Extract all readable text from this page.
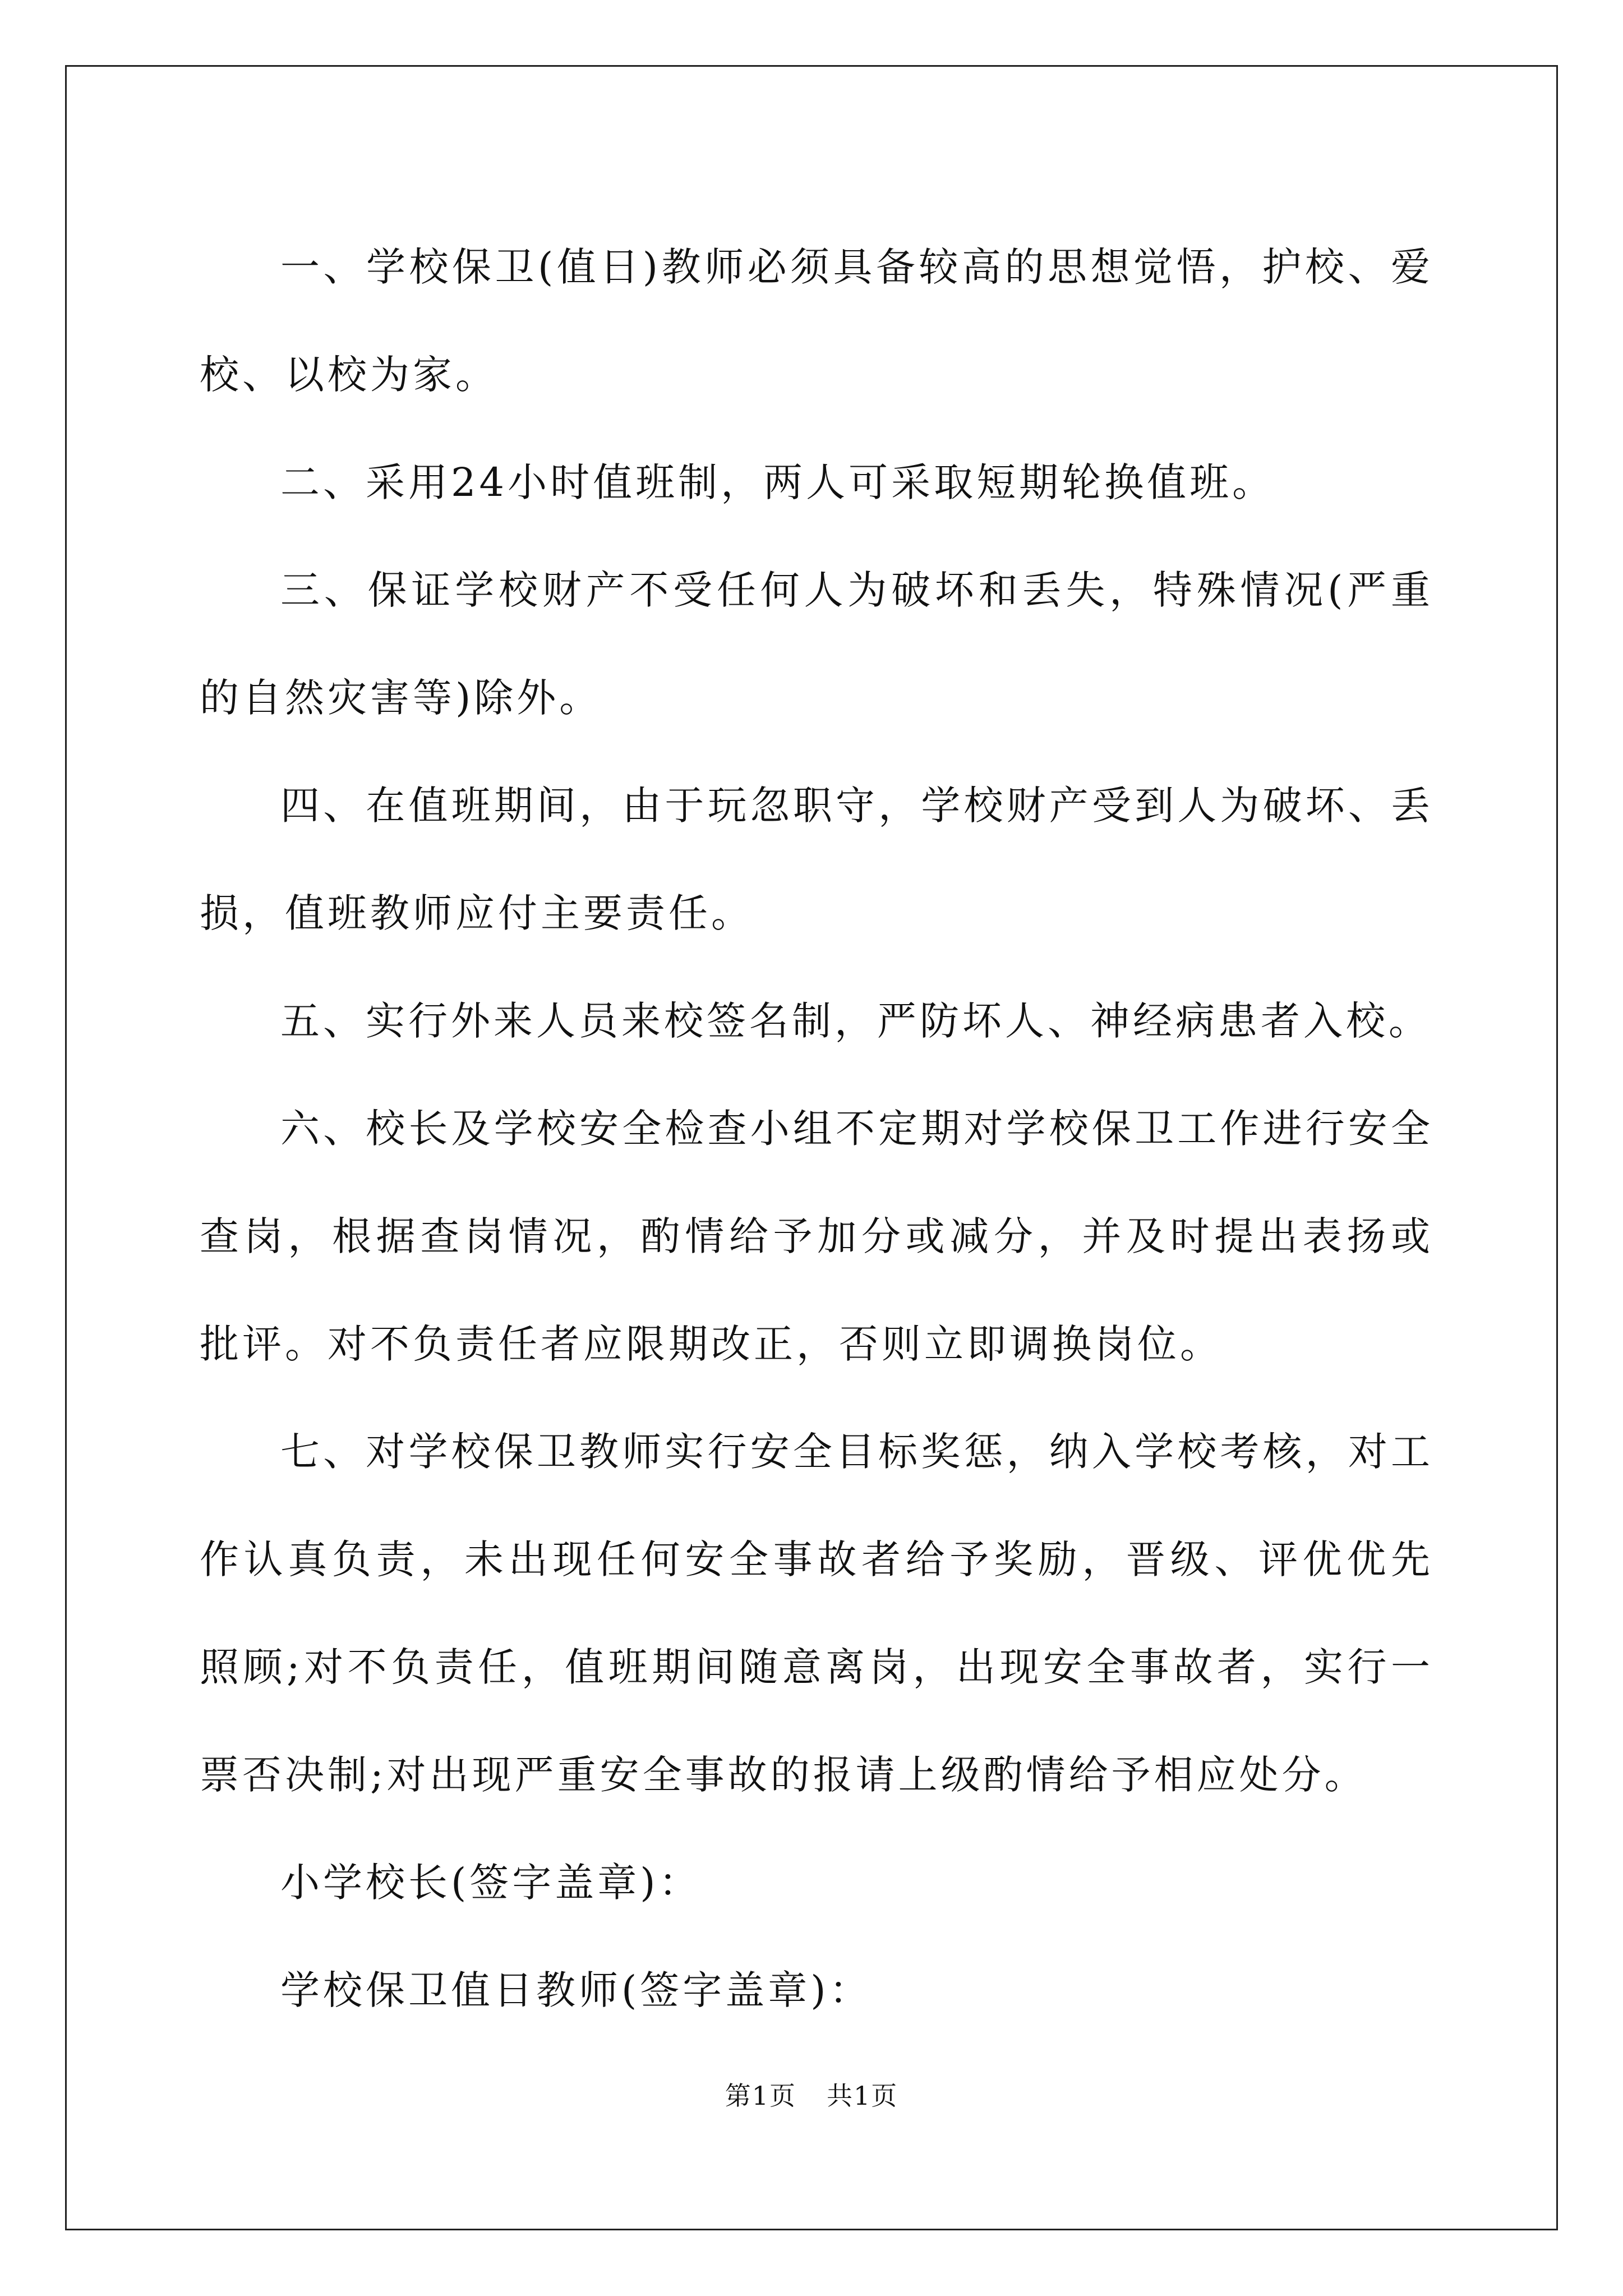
一、学校保卫(值日)教师必须具备较高的思想觉悟，护校、爱校、以校为家。

二、采用24小时值班制，两人可采取短期轮换值班。

三、保证学校财产不受任何人为破坏和丢失，特殊情况(严重的自然灾害等)除外。

四、在值班期间，由于玩忽职守，学校财产受到人为破坏、丢损，值班教师应付主要责任。

五、实行外来人员来校签名制，严防坏人、神经病患者入校。

六、校长及学校安全检查小组不定期对学校保卫工作进行安全查岗，根据查岗情况，酌情给予加分或减分，并及时提出表扬或批评。对不负责任者应限期改正，否则立即调换岗位。

七、对学校保卫教师实行安全目标奖惩，纳入学校考核，对工作认真负责，未出现任何安全事故者给予奖励，晋级、评优优先照顾;对不负责任，值班期间随意离岗，出现安全事故者，实行一票否决制;对出现严重安全事故的报请上级酌情给予相应处分。

小学校长(签字盖章)：

学校保卫值日教师(签字盖章)：

第1页 共1页
